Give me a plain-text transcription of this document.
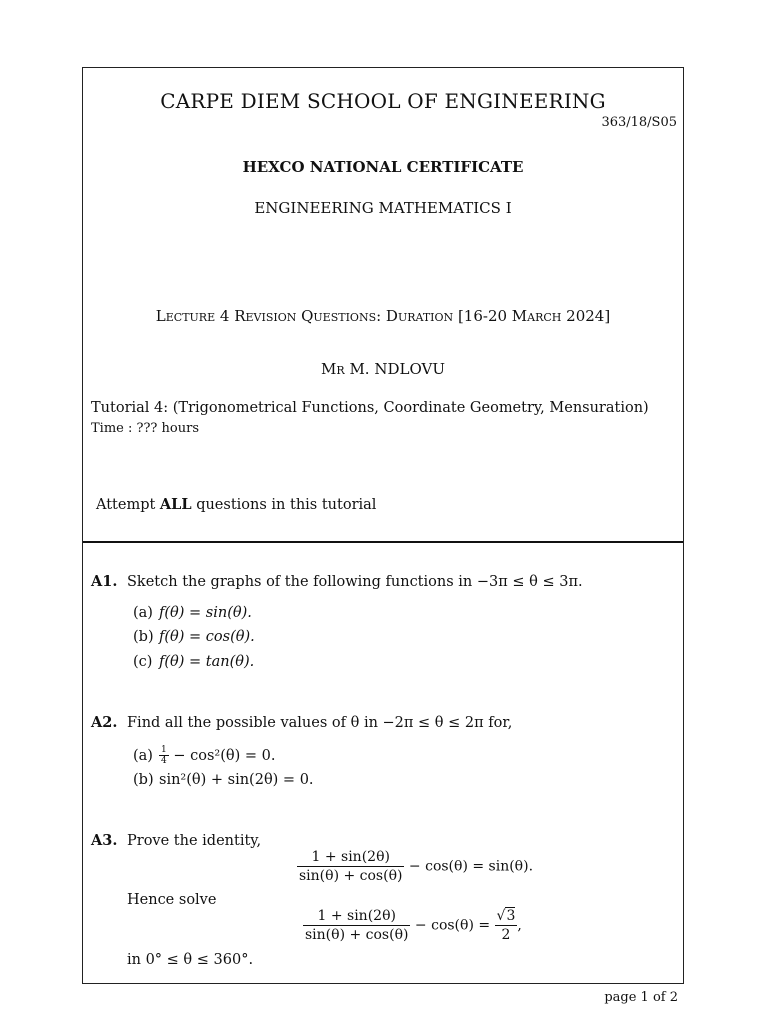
CARPE DIEM SCHOOL OF ENGINEERING
363/18/S05
HEXCO NATIONAL CERTIFICATE
ENGINEERING MATHEMATICS I
Lecture 4 Revision Questions: Duration [16-20 March 2024]
Mr M. NDLOVU
Tutorial 4: (Trigonometrical Functions, Coordinate Geometry, Mensuration)
Time : ??? hours
Attempt ALL questions in this tutorial
A1. Sketch the graphs of the following functions in −3π ≤ θ ≤ 3π.
(a) f(θ) = sin(θ).
(b) f(θ) = cos(θ).
(c) f(θ) = tan(θ).
A2. Find all the possible values of θ in −2π ≤ θ ≤ 2π for,
$(a) \frac{1}{4} - \cos^2(\theta) = 0$.
(b) sin²(θ) + sin(2θ) = 0.
A3. Prove the identity,
$\frac{1 + \sin(2\theta)}{\sin(\theta) + \cos(\theta)} - \cos(\theta) = \sin(\theta)$.
Hence solve
$\frac{1 + \sin(2\theta)}{\sin(\theta) + \cos(\theta)} - \cos(\theta) = \frac{√3}{2}$ ,
in 0° ≤ θ ≤ 360°.
page 1 of 2
